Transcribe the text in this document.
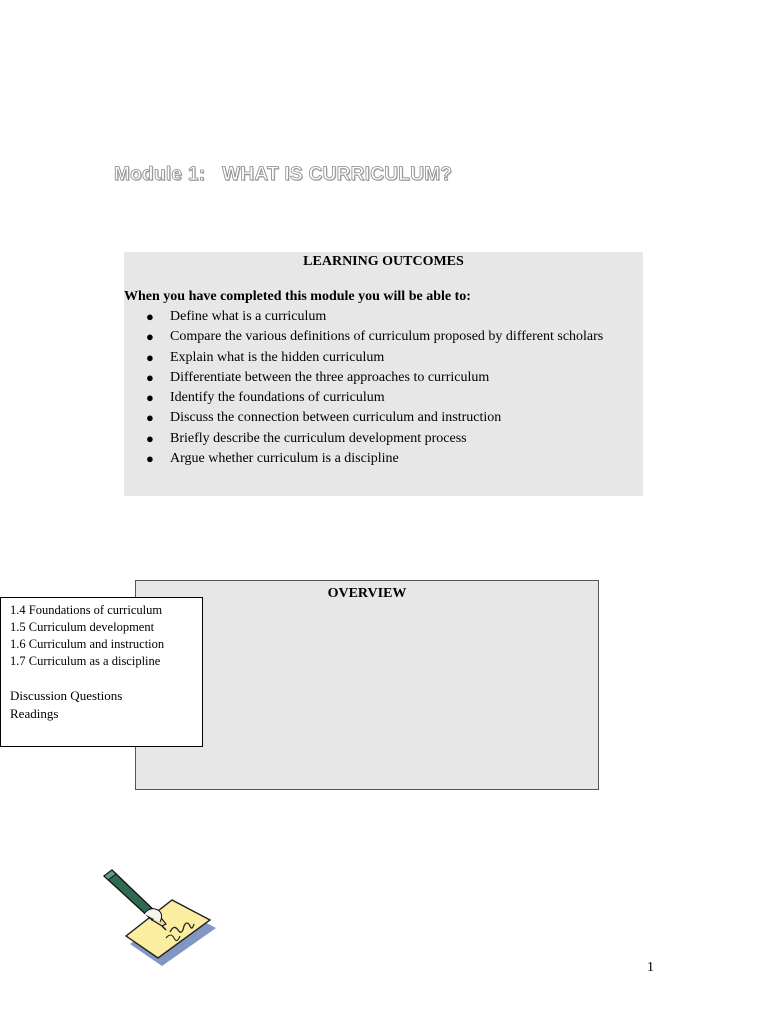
Module 1:   WHAT IS CURRICULUM?
LEARNING OUTCOMES
When you have completed this module you will be able to:
● Define what is a curriculum
● Compare the various definitions of curriculum proposed by different scholars
● Explain what is the hidden curriculum
● Differentiate between the three approaches to curriculum
● Identify the foundations of curriculum
● Discuss the connection between curriculum and instruction
● Briefly describe the curriculum development process
● Argue whether curriculum is a discipline
OVERVIEW
1.4 Foundations of curriculum
1.5 Curriculum development
1.6 Curriculum and instruction
1.7 Curriculum as a discipline
Discussion Questions
Readings
1
